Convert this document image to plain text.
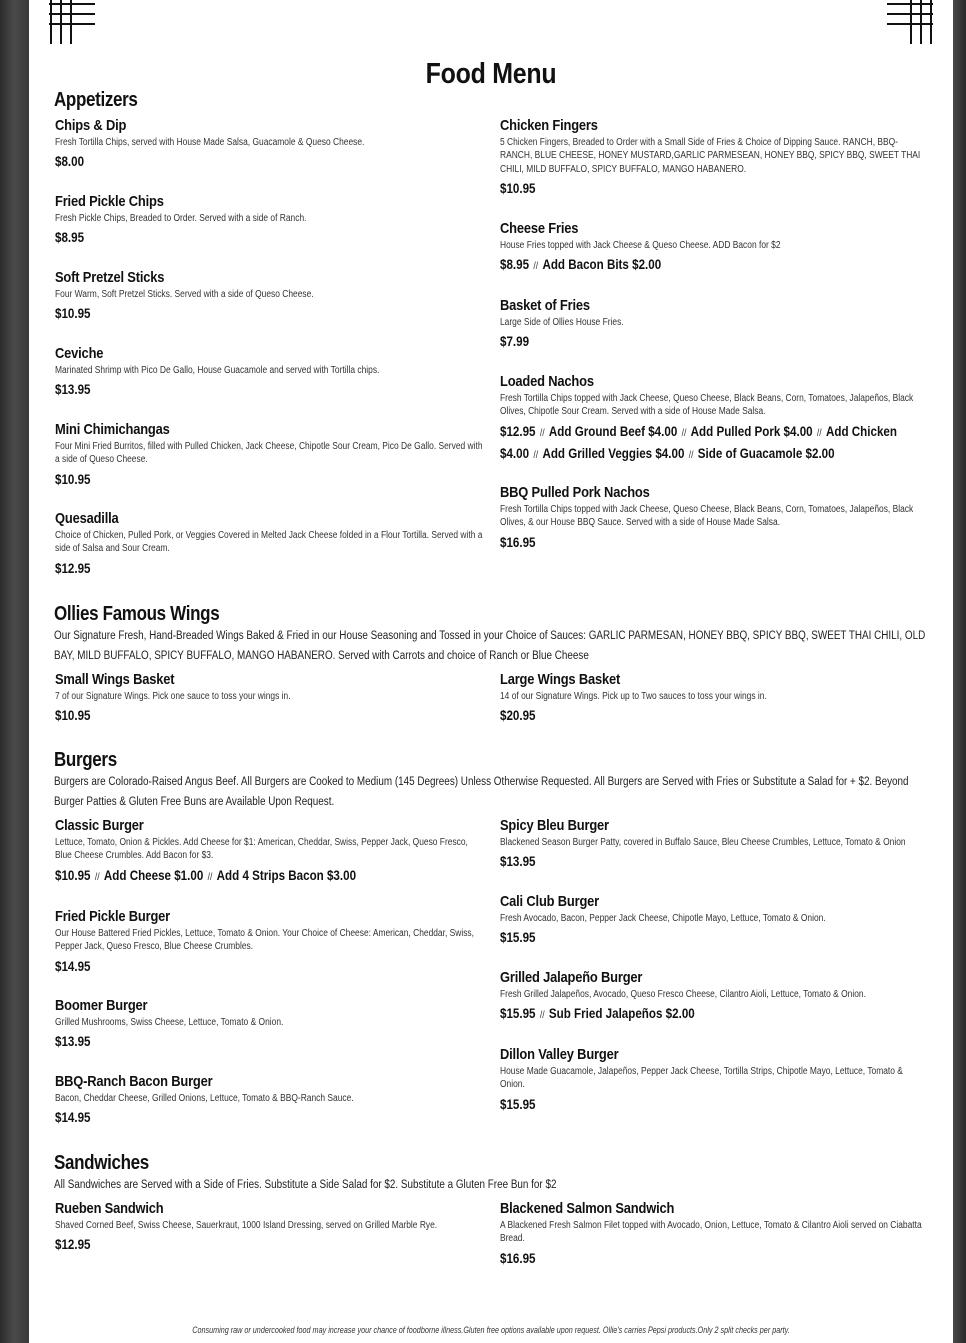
Food Menu
Appetizers
Chips & Dip
Fresh Tortilla Chips, served with House Made Salsa, Guacamole & Queso Cheese.
$8.00
Fried Pickle Chips
Fresh Pickle Chips, Breaded to Order. Served with a side of Ranch.
$8.95
Soft Pretzel Sticks
Four Warm, Soft Pretzel Sticks. Served with a side of Queso Cheese.
$10.95
Ceviche
Marinated Shrimp with Pico De Gallo, House Guacamole and served with Tortilla chips.
$13.95
Mini Chimichangas
Four Mini Fried Burritos, filled with Pulled Chicken, Jack Cheese, Chipotle Sour Cream, Pico De Gallo. Served with a side of Queso Cheese.
$10.95
Quesadilla
Choice of Chicken, Pulled Pork, or Veggies Covered in Melted Jack Cheese folded in a Flour Tortilla. Served with a side of Salsa and Sour Cream.
$12.95
Chicken Fingers
5 Chicken Fingers, Breaded to Order with a Small Side of Fries & Choice of Dipping Sauce. RANCH, BBQ-RANCH, BLUE CHEESE, HONEY MUSTARD,GARLIC PARMESEAN, HONEY BBQ, SPICY BBQ, SWEET THAI CHILI, MILD BUFFALO, SPICY BUFFALO, MANGO HABANERO.
$10.95
Cheese Fries
House Fries topped with Jack Cheese & Queso Cheese. ADD Bacon for $2
$8.95 // Add Bacon Bits $2.00
Basket of Fries
Large Side of Ollies House Fries.
$7.99
Loaded Nachos
Fresh Tortilla Chips topped with Jack Cheese, Queso Cheese, Black Beans, Corn, Tomatoes, Jalapeños, Black Olives, Chipotle Sour Cream. Served with a side of House Made Salsa.
$12.95 // Add Ground Beef $4.00 // Add Pulled Pork $4.00 // Add Chicken $4.00 // Add Grilled Veggies $4.00 // Side of Guacamole $2.00
BBQ Pulled Pork Nachos
Fresh Tortilla Chips topped with Jack Cheese, Queso Cheese, Black Beans, Corn, Tomatoes, Jalapeños, Black Olives, & our House BBQ Sauce. Served with a side of House Made Salsa.
$16.95
Ollies Famous Wings
Our Signature Fresh, Hand-Breaded Wings Baked & Fried in our House Seasoning and Tossed in your Choice of Sauces: GARLIC PARMESAN, HONEY BBQ, SPICY BBQ, SWEET THAI CHILI, OLD BAY, MILD BUFFALO, SPICY BUFFALO, MANGO HABANERO. Served with Carrots and choice of Ranch or Blue Cheese
Small Wings Basket
7 of our Signature Wings. Pick one sauce to toss your wings in.
$10.95
Large Wings Basket
14 of our Signature Wings. Pick up to Two sauces to toss your wings in.
$20.95
Burgers
Burgers are Colorado-Raised Angus Beef. All Burgers are Cooked to Medium (145 Degrees) Unless Otherwise Requested. All Burgers are Served with Fries or Substitute a Salad for + $2. Beyond Burger Patties & Gluten Free Buns are Available Upon Request.
Classic Burger
Lettuce, Tomato, Onion & Pickles. Add Cheese for $1: American, Cheddar, Swiss, Pepper Jack, Queso Fresco, Blue Cheese Crumbles. Add Bacon for $3.
$10.95 // Add Cheese $1.00 // Add 4 Strips Bacon $3.00
Fried Pickle Burger
Our House Battered Fried Pickles, Lettuce, Tomato & Onion. Your Choice of Cheese: American, Cheddar, Swiss, Pepper Jack, Queso Fresco, Blue Cheese Crumbles.
$14.95
Boomer Burger
Grilled Mushrooms, Swiss Cheese, Lettuce, Tomato & Onion.
$13.95
BBQ-Ranch Bacon Burger
Bacon, Cheddar Cheese, Grilled Onions, Lettuce, Tomato & BBQ-Ranch Sauce.
$14.95
Spicy Bleu Burger
Blackened Season Burger Patty, covered in Buffalo Sauce, Bleu Cheese Crumbles, Lettuce, Tomato & Onion
$13.95
Cali Club Burger
Fresh Avocado, Bacon, Pepper Jack Cheese, Chipotle Mayo, Lettuce, Tomato & Onion.
$15.95
Grilled Jalapeño Burger
Fresh Grilled Jalapeños, Avocado, Queso Fresco Cheese, Cilantro Aioli, Lettuce, Tomato & Onion.
$15.95 // Sub Fried Jalapeños $2.00
Dillon Valley Burger
House Made Guacamole, Jalapeños, Pepper Jack Cheese, Tortilla Strips, Chipotle Mayo, Lettuce, Tomato & Onion.
$15.95
Sandwiches
All Sandwiches are Served with a Side of Fries. Substitute a Side Salad for $2. Substitute a Gluten Free Bun for $2
Rueben Sandwich
Shaved Corned Beef, Swiss Cheese, Sauerkraut, 1000 Island Dressing, served on Grilled Marble Rye.
$12.95
Blackened Salmon Sandwich
A Blackened Fresh Salmon Filet topped with Avocado, Onion, Lettuce, Tomato & Cilantro Aioli served on Ciabatta Bread.
$16.95
Consuming raw or undercooked food may increase your chance of foodborne illness.Gluten free options available upon request. Ollie's carries Pepsi products.Only 2 split checks per party.
